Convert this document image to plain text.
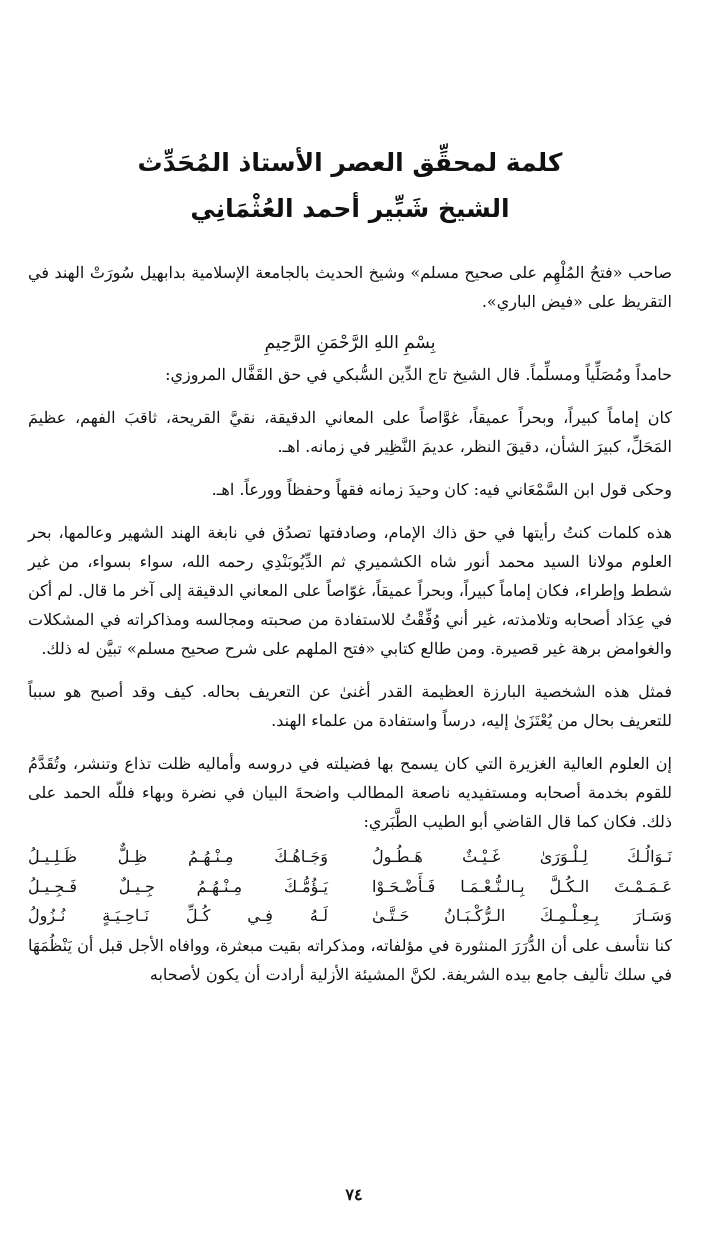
كلمة لمحقِّق العصر الأستاذ المُحَدِّث
الشيخ شَبِّير أحمد العُثْمَانِي

صاحب «فتحُ المُلْهِم على صحيح مسلم» وشيخ الحديث بالجامعة الإسلامية بدابهيل سُورَتْ الهند في التقريظ على «فيض الباري».

بِسْمِ اللهِ الرَّحْمَنِ الرَّحِيمِ

حامداً ومُصَلِّياً ومسلِّماً. قال الشيخ تاج الدِّين السُّبكي في حق القَفَّال المروزي:

كان إماماً كبيراً، وبحراً عميقاً، غوَّاصاً على المعاني الدقيقة، نقيَّ القريحة، ثاقبَ الفهم، عظيمَ المَحَلِّ، كبيرَ الشأن، دقيقَ النظر، عديمَ النَّظِير في زمانه. اهـ.

وحكى قول ابن السَّمْعَاني فيه: كان وحيدَ زمانه فقهاً وحفظاً وورعاً. اهـ.

هذه كلمات كنتُ رأيتها في حق ذاك الإمام، وصادفتها تصدُق في نابغة الهند الشهير وعالمها، بحر العلوم مولانا السيد محمد أنور شاه الكشميري ثم الدِّيُوبَنْدِي رحمه الله، سواء بسواء، من غير شطط وإطراء، فكان إماماً كبيراً، وبحراً عميقاً، غوّاصاً على المعاني الدقيقة إلى آخر ما قال. لم أكن في عِدَاد أصحابه وتلامذته، غير أني وُفِّقْتُ للاستفادة من صحبته ومجالسه ومذاكراته في المشكلات والغوامض برهة غير قصيرة. ومن طالع كتابي «فتح الملهم على شرح صحيح مسلم» تبيَّن له ذلك.

فمثل هذه الشخصية البارزة العظيمة القدر أغنىٰ عن التعريف بحاله. كيف وقد أصبح هو سبباً للتعريف بحال من يُعْتَزَىٰ إليه، درساً واستفادة من علماء الهند.

إن العلوم العالية الغزيرة التي كان يسمح بها فضيلته في دروسه وأماليه ظلت تذاع وتنشر، وتُقَدَّمُ للقوم بخدمة أصحابه ومستفيديه ناصعة المطالب واضحةَ البيان في نضرة وبهاء فللّه الحمد على ذلك. فكان كما قال القاضي أبو الطيب الطَّبَري:

نَـوَالُـكَ لِـلْـوَرَىٰ غَـيْـثٌ هَـطُـولُ
وَجَـاهُـكَ مِـنْـهُـمُ ظِـلٌّ ظَـلِـيـلُ
عَـمَـمْـتَ الـكُـلَّ بِـالـنُّـعْـمَـا فَـأَضْـحَـوْا
يَـؤُمُّـكَ مِـنْـهُـمُ جِـيـلٌ فَـجِـيـلُ
وَسَـارَ بِـعِـلْـمِـكَ الـرُّكْـبَـانُ حَـتَّـىٰ
لَـهُ فِـي كُـلِّ نَـاحِـيَـةٍ نُـزُولُ

كنا نتأسف على أن الدُّرَرَ المنثورة في مؤلفاته، ومذكراته بقيت مبعثرة، ووافاه الأجل قبل أن يَنْظُمَهَا في سلك تأليف جامع بيده الشريفة. لكنَّ المشيئة الأزلية أرادت أن يكون لأصحابه

٧٤
